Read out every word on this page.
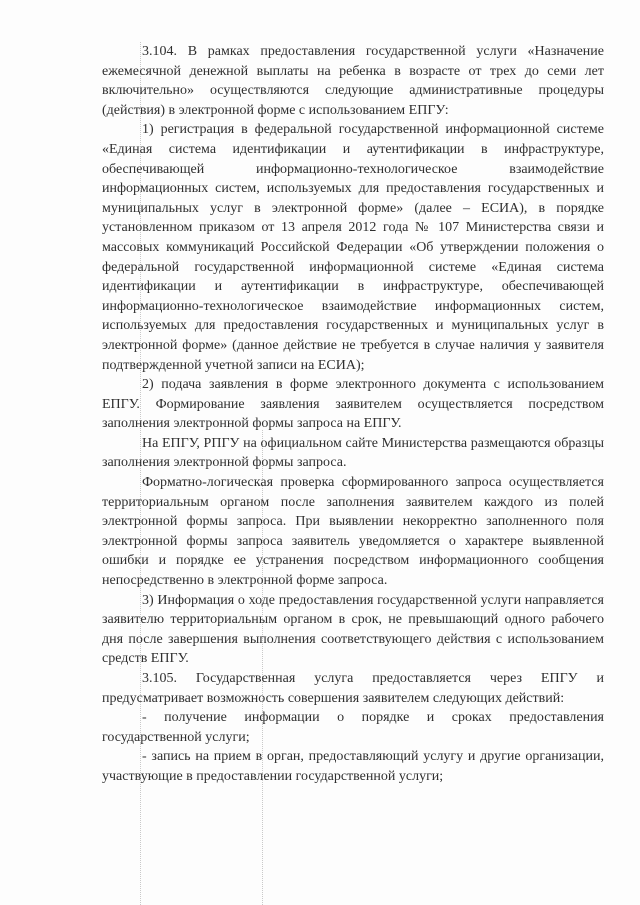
3.104. В рамках предоставления государственной услуги «Назначение ежемесячной денежной выплаты на ребенка в возрасте от трех до семи лет включительно» осуществляются следующие административные процедуры (действия) в электронной форме с использованием ЕПГУ:

1) регистрация в федеральной государственной информационной системе «Единая система идентификации и аутентификации в инфраструктуре, обеспечивающей информационно-технологическое взаимодействие информационных систем, используемых для предоставления государственных и муниципальных услуг в электронной форме» (далее – ЕСИА), в порядке установленном приказом от 13 апреля 2012 года № 107 Министерства связи и массовых коммуникаций Российской Федерации «Об утверждении положения о федеральной государственной информационной системе «Единая система идентификации и аутентификации в инфраструктуре, обеспечивающей информационно-технологическое взаимодействие информационных систем, используемых для предоставления государственных и муниципальных услуг в электронной форме» (данное действие не требуется в случае наличия у заявителя подтвержденной учетной записи на ЕСИА);

2) подача заявления в форме электронного документа с использованием ЕПГУ. Формирование заявления заявителем осуществляется посредством заполнения электронной формы запроса на ЕПГУ.

На ЕПГУ, РПГУ на официальном сайте Министерства размещаются образцы заполнения электронной формы запроса.

Форматно-логическая проверка сформированного запроса осуществляется территориальным органом после заполнения заявителем каждого из полей электронной формы запроса. При выявлении некорректно заполненного поля электронной формы запроса заявитель уведомляется о характере выявленной ошибки и порядке ее устранения посредством информационного сообщения непосредственно в электронной форме запроса.

3) Информация о ходе предоставления государственной услуги направляется заявителю территориальным органом в срок, не превышающий одного рабочего дня после завершения выполнения соответствующего действия с использованием средств ЕПГУ.

3.105. Государственная услуга предоставляется через ЕПГУ и предусматривает возможность совершения заявителем следующих действий:

- получение информации о порядке и сроках предоставления государственной услуги;

- запись на прием в орган, предоставляющий услугу и другие организации, участвующие в предоставлении государственной услуги;
